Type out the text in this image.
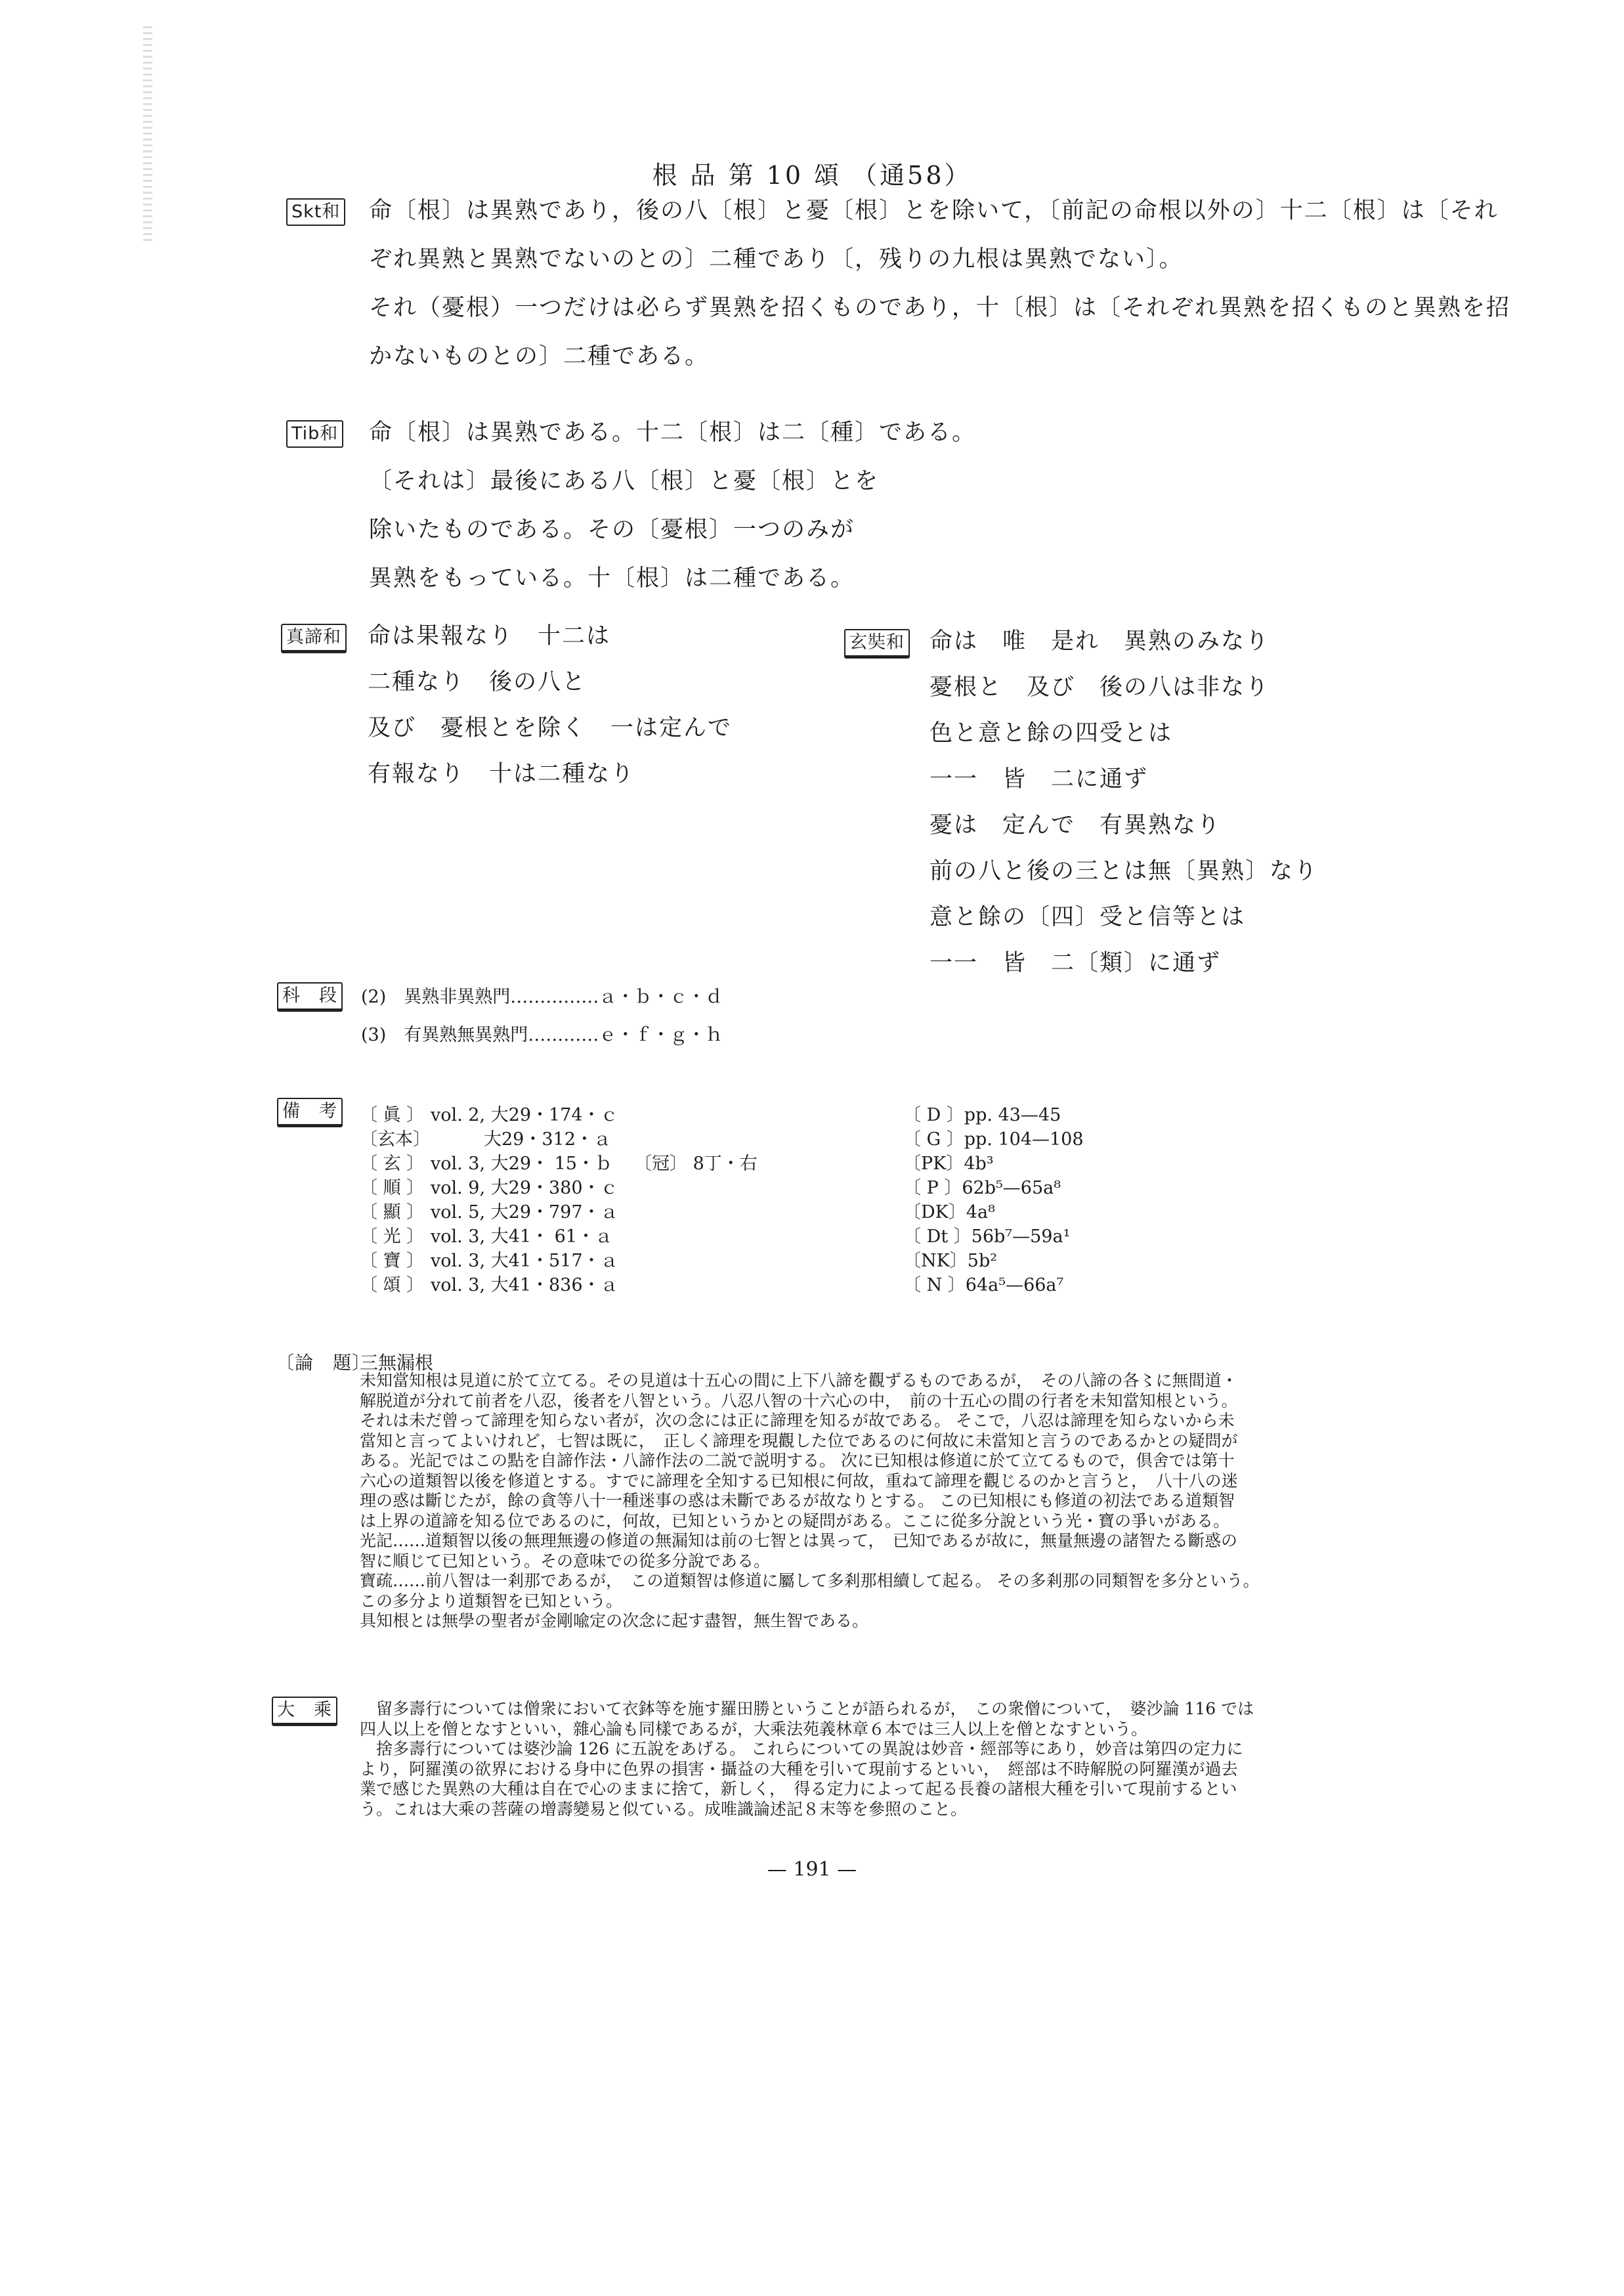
根 品 第 10 頌 （通58）
Skt和 命〔根〕は異熟であり，後の八〔根〕と憂〔根〕とを除いて，〔前記の命根以外の〕十二〔根〕は〔それ
ぞれ異熟と異熟でないのとの〕二種であり〔，残りの九根は異熟でない〕。
それ（憂根）一つだけは必らず異熟を招くものであり，十〔根〕は〔それぞれ異熟を招くものと異熟を招
かないものとの〕二種である。
Tib和 命〔根〕は異熟である。十二〔根〕は二〔種〕である。
〔それは〕最後にある八〔根〕と憂〔根〕とを
除いたものである。その〔憂根〕一つのみが
異熟をもっている。十〔根〕は二種である。
真諦和 命は果報なり　十二は
二種なり　後の八と
及び　憂根とを除く　一は定んで
有報なり　十は二種なり
玄奘和 命は　唯　是れ　異熟のみなり
憂根と　及び　後の八は非なり
色と意と餘の四受とは
一一　皆　二に通ず
憂は　定んで　有異熟なり
前の八と後の三とは無〔異熟〕なり
意と餘の〔四〕受と信等とは
一一　皆　二〔類〕に通ず
科　段 (2)　異熟非異熟門……………ａ・ｂ・ｃ・ｄ
(3)　有異熟無異熟門…………ｅ・ｆ・ｇ・ｈ
備　考 〔 眞 〕 vol. 2, 大29・174・ｃ
〔玄本〕　　　大29・312・ａ
〔 玄 〕 vol. 3, 大29・ 15・ｂ
〔 順 〕 vol. 9, 大29・380・ｃ
〔 顯 〕 vol. 5, 大29・797・ａ
〔 光 〕 vol. 3, 大41・ 61・ａ
〔 寶 〕 vol. 3, 大41・517・ａ
〔 頌 〕 vol. 3, 大41・836・ａ
〔冠〕 8丁・右
〔 D 〕pp. 43—45
〔 G 〕pp. 104—108
〔PK〕4b³
〔 P 〕62b⁵—65a⁸
〔DK〕4a⁸
〔 Dt 〕56b⁷—59a¹
〔NK〕5b²
〔 N 〕64a⁵—66a⁷
〔論　題〕
三無漏根
未知當知根は見道に於て立てる。その見道は十五心の間に上下八諦を觀ずるものであるが，　その八諦の各〻に無間道・
解脱道が分れて前者を八忍，後者を八智という。八忍八智の十六心の中，　前の十五心の間の行者を未知當知根という。
それは未だ曾って諦理を知らない者が，次の念には正に諦理を知るが故である。 そこで，八忍は諦理を知らないから未
當知と言ってよいけれど，七智は既に，　正しく諦理を現觀した位であるのに何故に未當知と言うのであるかとの疑問が
ある。光記ではこの點を自諦作法・八諦作法の二説で説明する。 次に已知根は修道に於て立てるもので，倶舍では第十
六心の道類智以後を修道とする。すでに諦理を全知する已知根に何故，重ねて諦理を觀じるのかと言うと，　八十八の迷
理の惑は斷じたが，餘の貪等八十一種迷事の惑は未斷であるが故なりとする。 この已知根にも修道の初法である道類智
は上界の道諦を知る位であるのに，何故，已知というかとの疑問がある。ここに從多分說という光・寶の爭いがある。
光記……道類智以後の無理無邊の修道の無漏知は前の七智とは異って，　已知であるが故に，無量無邊の諸智たる斷惑の
智に順じて已知という。その意味での從多分說である。
寶疏……前八智は一剎那であるが，　この道類智は修道に屬して多剎那相續して起る。 その多剎那の同類智を多分という。
この多分より道類智を已知という。
具知根とは無學の聖者が金剛喩定の次念に起す盡智，無生智である。
大　乘	　留多壽行については僧衆において衣鉢等を施す羅田勝ということが語られるが，　この衆僧について，　婆沙論 116 では
四人以上を僧となすといい，雜心論も同樣であるが，大乘法苑義林章６本では三人以上を僧となすという。
　捨多壽行については婆沙論 126 に五說をあげる。 これらについての異說は妙音・經部等にあり，妙音は第四の定力に
より，阿羅漢の欲界における身中に色界の損害・攝益の大種を引いて現前するといい，　經部は不時解脱の阿羅漢が過去
業で感じた異熟の大種は自在で心のままに捨て，新しく，　得る定力によって起る長養の諸根大種を引いて現前するとい
う。これは大乘の菩薩の增壽變易と似ている。成唯識論述記８末等を參照のこと。
— 191 —
